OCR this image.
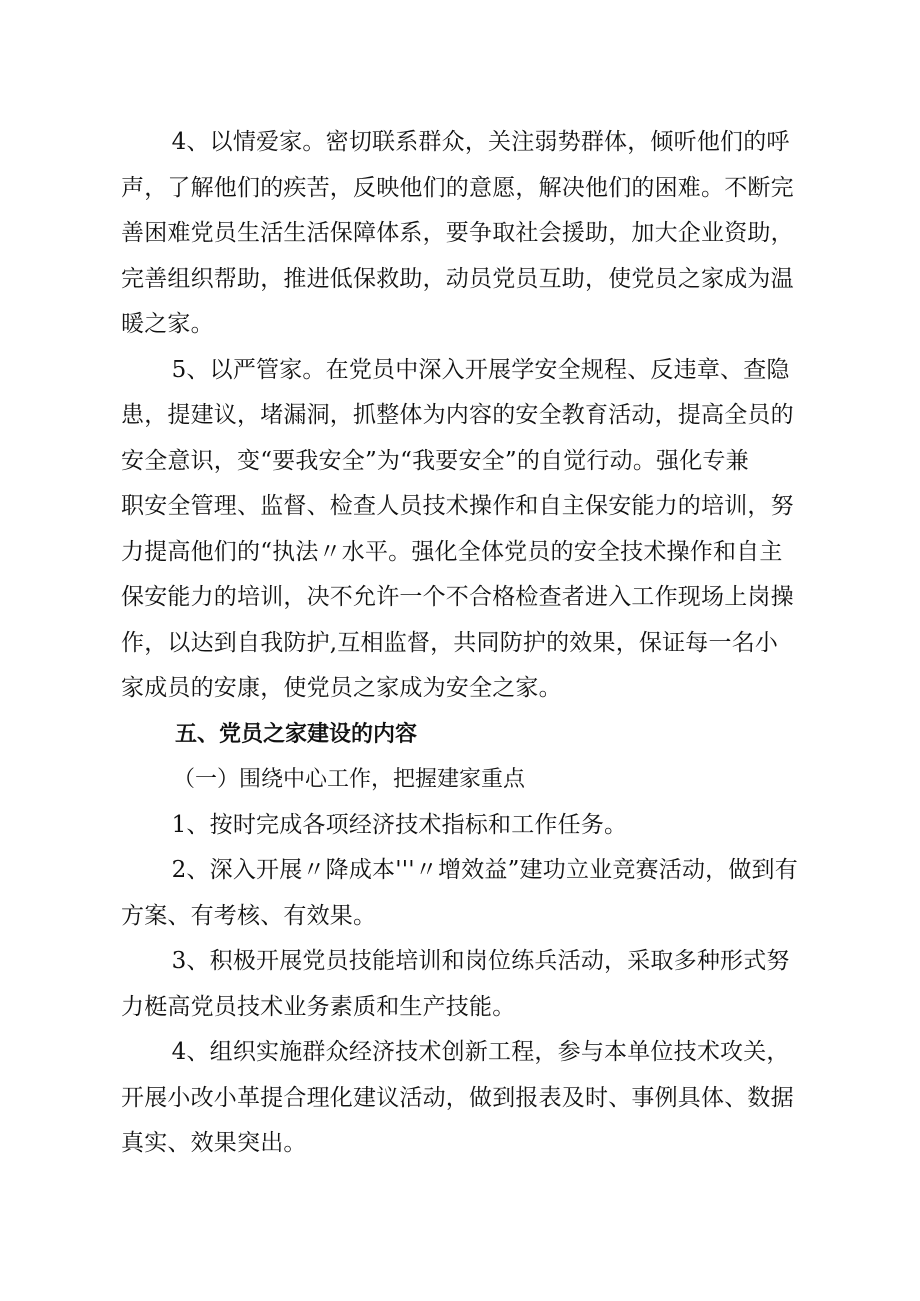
4、以情爱家。密切联系群众，关注弱势群体，倾听他们的呼
声，了解他们的疾苦，反映他们的意愿，解决他们的困难。不断完
善困难党员生活生活保障体系，要争取社会援助，加大企业资助，
完善组织帮助，推进低保救助，动员党员互助，使党员之家成为温
暖之家。

5、以严管家。在党员中深入开展学安全规程、反违章、查隐
患，提建议，堵漏洞，抓整体为内容的安全教育活动，提高全员的
安全意识，变“要我安全”为“我要安全”的自觉行动。强化专兼
职安全管理、监督、检查人员技术操作和自主保安能力的培训，努
力提高他们的“执法〃水平。强化全体党员的安全技术操作和自主
保安能力的培训，决不允许一个不合格检查者进入工作现场上岗操
作，以达到自我防护,互相监督，共同防护的效果，保证每一名小
家成员的安康，使党员之家成为安全之家。

五、党员之家建设的内容

（一）围绕中心工作，把握建家重点

1、按时完成各项经济技术指标和工作任务。

2、深入开展〃降成本'''〃增效益”建功立业竞赛活动，做到有
方案、有考核、有效果。

3、积极开展党员技能培训和岗位练兵活动，采取多种形式努
力梃高党员技术业务素质和生产技能。

4、组织实施群众经济技术创新工程，参与本单位技术攻关，
开展小改小革提合理化建议活动，做到报表及时、事例具体、数据
真实、效果突出。
